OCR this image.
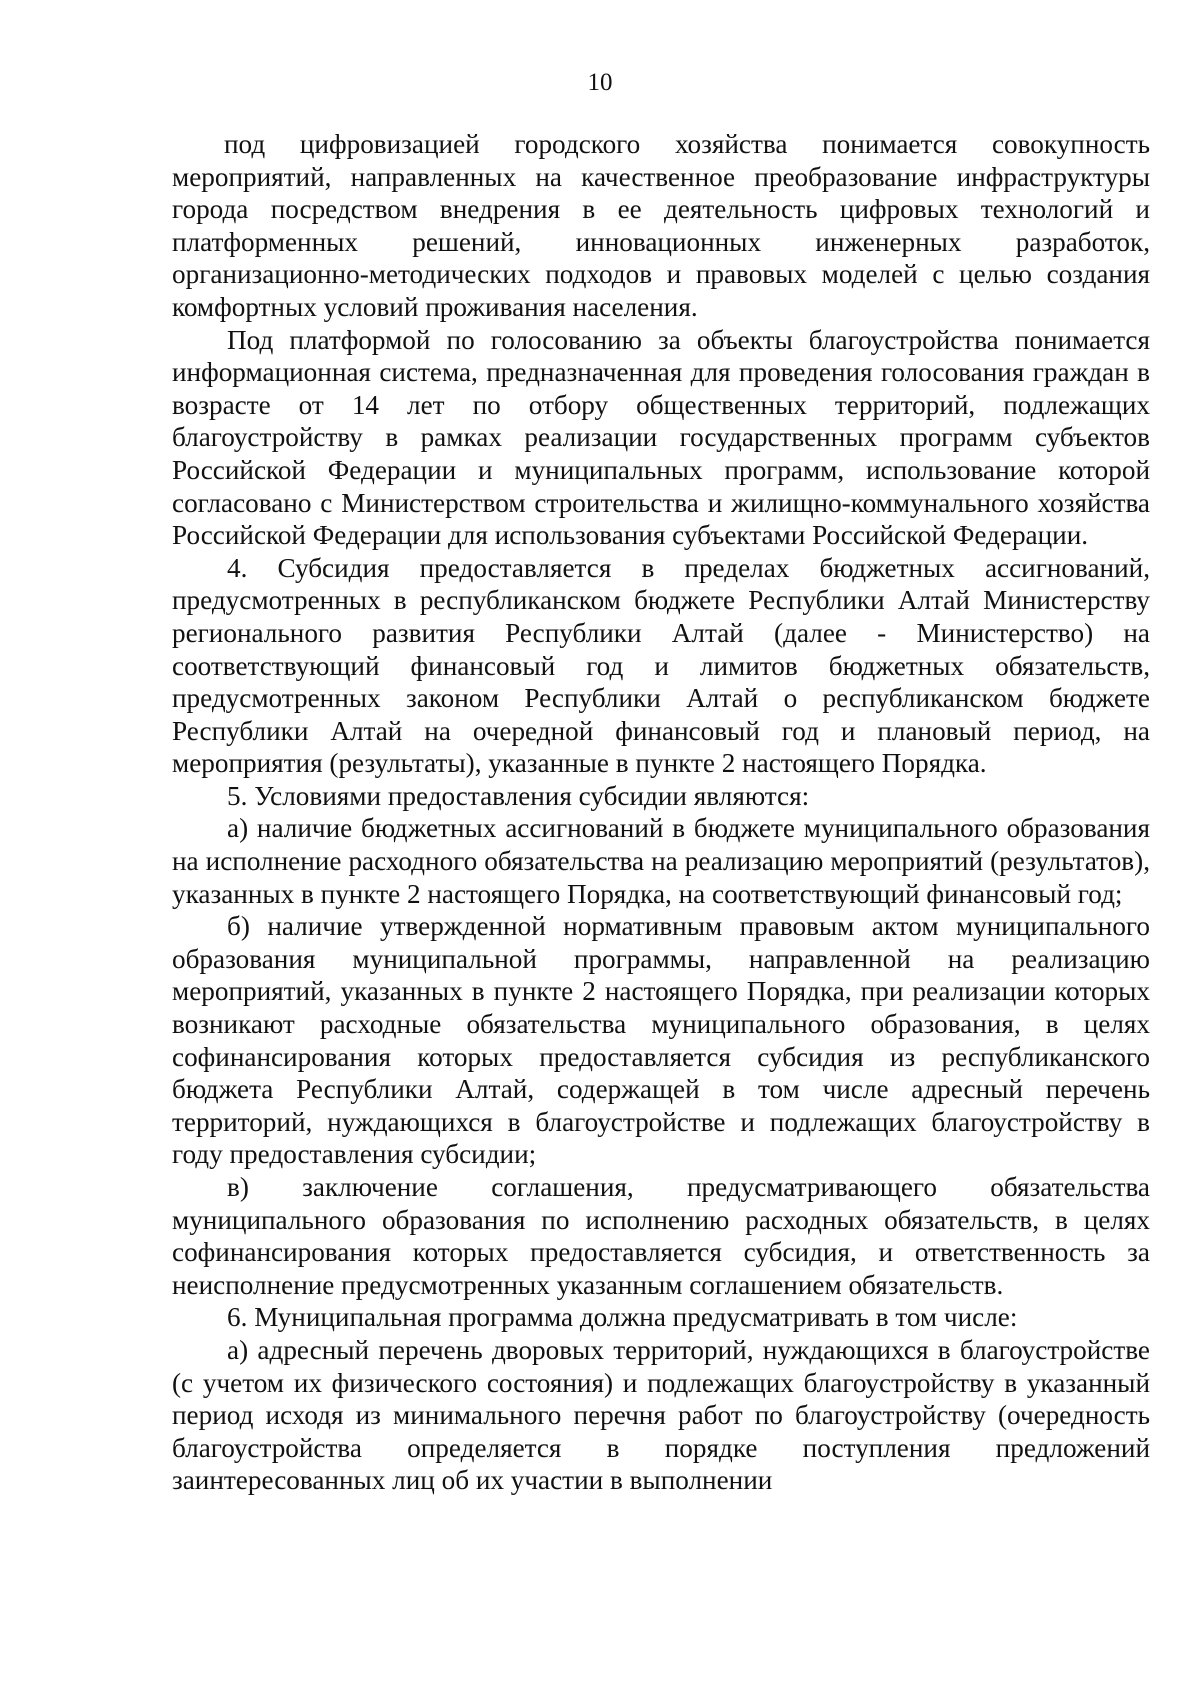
10

под цифровизацией городского хозяйства понимается совокупность мероприятий, направленных на качественное преобразование инфраструктуры города посредством внедрения в ее деятельность цифровых технологий и платформенных решений, инновационных инженерных разработок, организационно-методических подходов и правовых моделей с целью создания комфортных условий проживания населения.

Под платформой по голосованию за объекты благоустройства понимается информационная система, предназначенная для проведения голосования граждан в возрасте от 14 лет по отбору общественных территорий, подлежащих благоустройству в рамках реализации государственных программ субъектов Российской Федерации и муниципальных программ, использование которой согласовано с Министерством строительства и жилищно-коммунального хозяйства Российской Федерации для использования субъектами Российской Федерации.

4. Субсидия предоставляется в пределах бюджетных ассигнований, предусмотренных в республиканском бюджете Республики Алтай Министерству регионального развития Республики Алтай (далее - Министерство) на соответствующий финансовый год и лимитов бюджетных обязательств, предусмотренных законом Республики Алтай о республиканском бюджете Республики Алтай на очередной финансовый год и плановый период, на мероприятия (результаты), указанные в пункте 2 настоящего Порядка.

5. Условиями предоставления субсидии являются:

а) наличие бюджетных ассигнований в бюджете муниципального образования на исполнение расходного обязательства на реализацию мероприятий (результатов), указанных в пункте 2 настоящего Порядка, на соответствующий финансовый год;

б) наличие утвержденной нормативным правовым актом муниципального образования муниципальной программы, направленной на реализацию мероприятий, указанных в пункте 2 настоящего Порядка, при реализации которых возникают расходные обязательства муниципального образования, в целях софинансирования которых предоставляется субсидия из республиканского бюджета Республики Алтай, содержащей в том числе адресный перечень территорий, нуждающихся в благоустройстве и подлежащих благоустройству в году предоставления субсидии;

в) заключение соглашения, предусматривающего обязательства муниципального образования по исполнению расходных обязательств, в целях софинансирования которых предоставляется субсидия, и ответственность за неисполнение предусмотренных указанным соглашением обязательств.

6. Муниципальная программа должна предусматривать в том числе:

а) адресный перечень дворовых территорий, нуждающихся в благоустройстве (с учетом их физического состояния) и подлежащих благоустройству в указанный период исходя из минимального перечня работ по благоустройству (очередность благоустройства определяется в порядке поступления предложений заинтересованных лиц об их участии в выполнении
